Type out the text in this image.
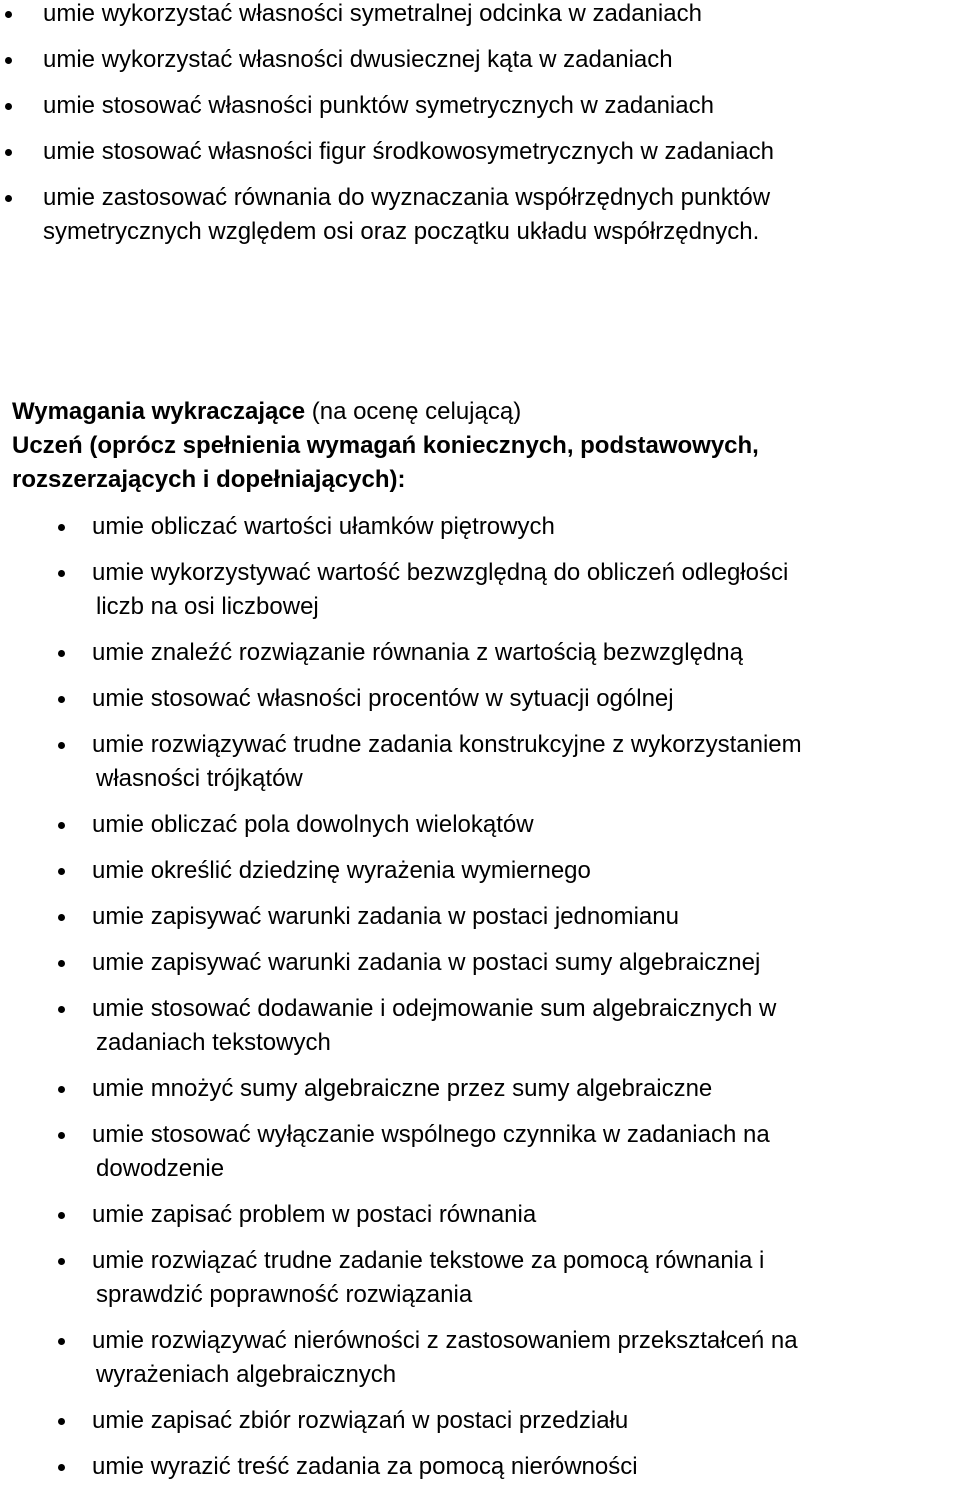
umie wykorzystać własności symetralnej odcinka w zadaniach
umie wykorzystać własności dwusiecznej kąta w zadaniach
umie stosować własności punktów symetrycznych w zadaniach
umie stosować własności figur środkowosymetrycznych w zadaniach
umie zastosować równania do wyznaczania współrzędnych punktów
symetrycznych względem osi oraz początku układu współrzędnych.
Wymagania wykraczające (na ocenę celującą)
Uczeń (oprócz spełnienia wymagań koniecznych, podstawowych,
rozszerzających i dopełniających):
umie obliczać wartości ułamków piętrowych
umie wykorzystywać wartość bezwzględną do obliczeń odległości
liczb na osi liczbowej
umie znaleźć rozwiązanie równania z wartością bezwzględną
umie stosować własności procentów w sytuacji ogólnej
umie rozwiązywać trudne zadania konstrukcyjne z wykorzystaniem
własności trójkątów
umie obliczać pola dowolnych wielokątów
umie określić dziedzinę wyrażenia wymiernego
umie zapisywać warunki zadania w postaci jednomianu
umie zapisywać warunki zadania w postaci sumy algebraicznej
umie stosować dodawanie i odejmowanie sum algebraicznych w
zadaniach tekstowych
umie mnożyć sumy algebraiczne przez sumy algebraiczne
umie stosować wyłączanie wspólnego czynnika w zadaniach na
dowodzenie
umie zapisać problem w postaci równania
umie rozwiązać trudne zadanie tekstowe za pomocą równania i
sprawdzić poprawność rozwiązania
umie rozwiązywać nierówności z zastosowaniem przekształceń na
wyrażeniach algebraicznych
umie zapisać zbiór rozwiązań w postaci przedziału
umie wyrazić treść zadania za pomocą nierówności
